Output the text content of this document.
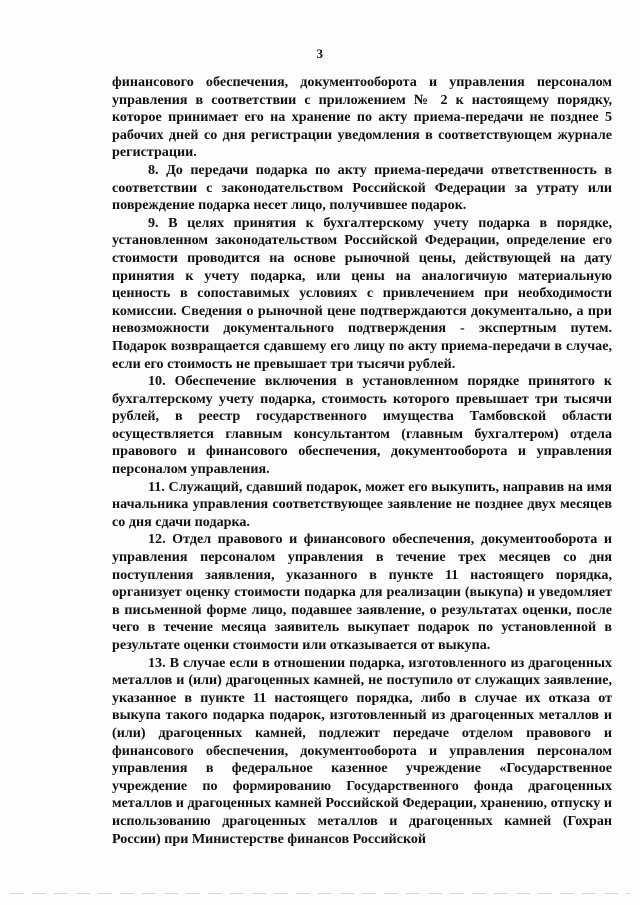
3

финансового обеспечения, документооборота и управления персоналом управления в соответствии с приложением № 2 к настоящему порядку, которое принимает его на хранение по акту приема-передачи не позднее 5 рабочих дней со дня регистрации уведомления в соответствующем журнале регистрации.

8. До передачи подарка по акту приема-передачи ответственность в соответствии с законодательством Российской Федерации за утрату или повреждение подарка несет лицо, получившее подарок.

9. В целях принятия к бухгалтерскому учету подарка в порядке, установленном законодательством Российской Федерации, определение его стоимости проводится на основе рыночной цены, действующей на дату принятия к учету подарка, или цены на аналогичную материальную ценность в сопоставимых условиях с привлечением при необходимости комиссии. Сведения о рыночной цене подтверждаются документально, а при невозможности документального подтверждения - экспертным путем. Подарок возвращается сдавшему его лицу по акту приема-передачи в случае, если его стоимость не превышает три тысячи рублей.

10. Обеспечение включения в установленном порядке принятого к бухгалтерскому учету подарка, стоимость которого превышает три тысячи рублей, в реестр государственного имущества Тамбовской области осуществляется главным консультантом (главным бухгалтером) отдела правового и финансового обеспечения, документооборота и управления персоналом управления.

11. Служащий, сдавший подарок, может его выкупить, направив на имя начальника управления соответствующее заявление не позднее двух месяцев со дня сдачи подарка.

12. Отдел правового и финансового обеспечения, документооборота и управления персоналом управления в течение трех месяцев со дня поступления заявления, указанного в пункте 11 настоящего порядка, организует оценку стоимости подарка для реализации (выкупа) и уведомляет в письменной форме лицо, подавшее заявление, о результатах оценки, после чего в течение месяца заявитель выкупает подарок по установленной в результате оценки стоимости или отказывается от выкупа.

13. В случае если в отношении подарка, изготовленного из драгоценных металлов и (или) драгоценных камней, не поступило от служащих заявление, указанное в пункте 11 настоящего порядка, либо в случае их отказа от выкупа такого подарка подарок, изготовленный из драгоценных металлов и (или) драгоценных камней, подлежит передаче отделом правового и финансового обеспечения, документооборота и управления персоналом управления в федеральное казенное учреждение «Государственное учреждение по формированию Государственного фонда драгоценных металлов и драгоценных камней Российской Федерации, хранению, отпуску и использованию драгоценных металлов и драгоценных камней (Гохран России) при Министерстве финансов Российской
